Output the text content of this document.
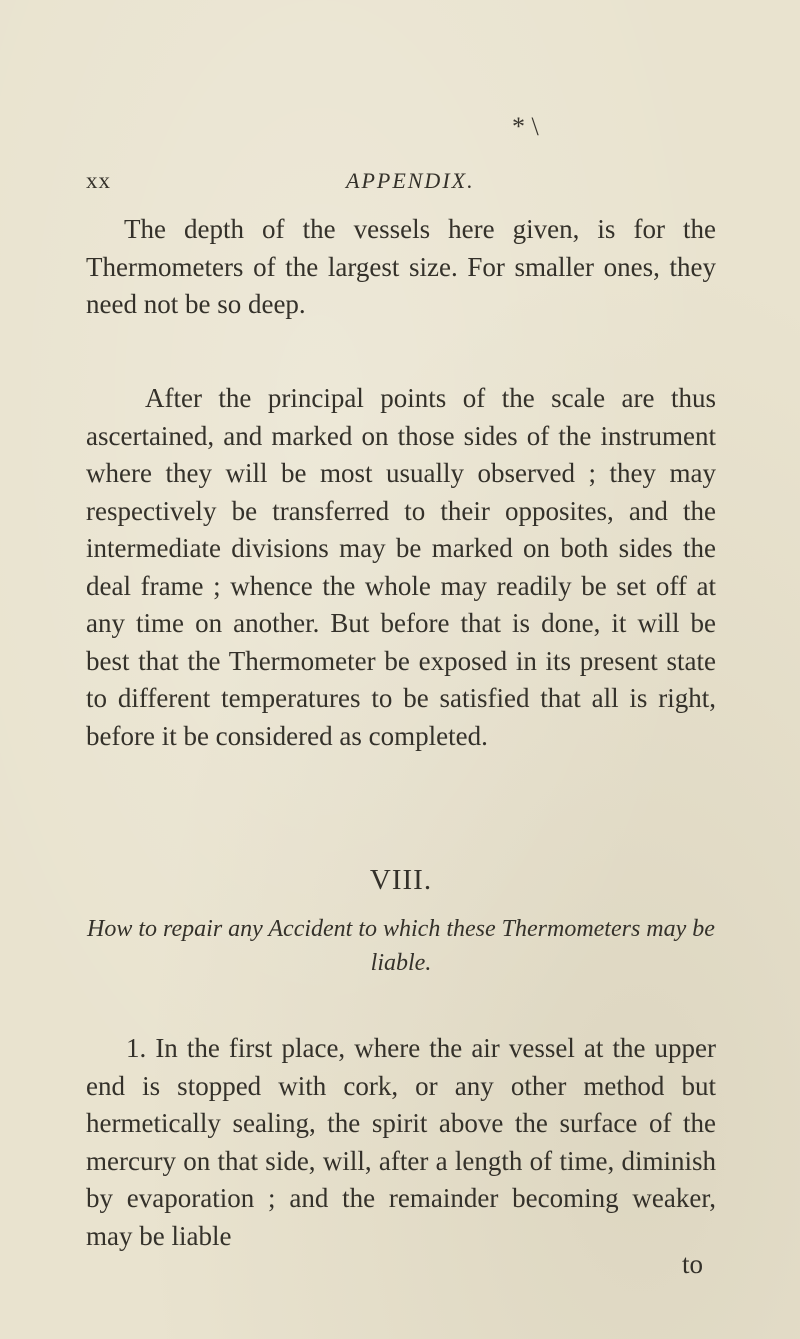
* \
xx	APPENDIX.

The depth of the vessels here given, is for the Thermometers of the largest size. For smaller ones, they need not be so deep.

After the principal points of the scale are thus ascertained, and marked on those sides of the instrument where they will be most usually observed ; they may respectively be transferred to their opposites, and the intermediate divisions may be marked on both sides the deal frame ; whence the whole may readily be set off at any time on another. But before that is done, it will be best that the Thermometer be exposed in its present state to different temperatures to be satisfied that all is right, before it be considered as completed.

VIII.

How to repair any Accident to which these Thermometers may be liable.

1. In the first place, where the air vessel at the upper end is stopped with cork, or any other method but hermetically sealing, the spirit above the surface of the mercury on that side, will, after a length of time, diminish by evaporation ; and the remainder becoming weaker, may be liable

to
